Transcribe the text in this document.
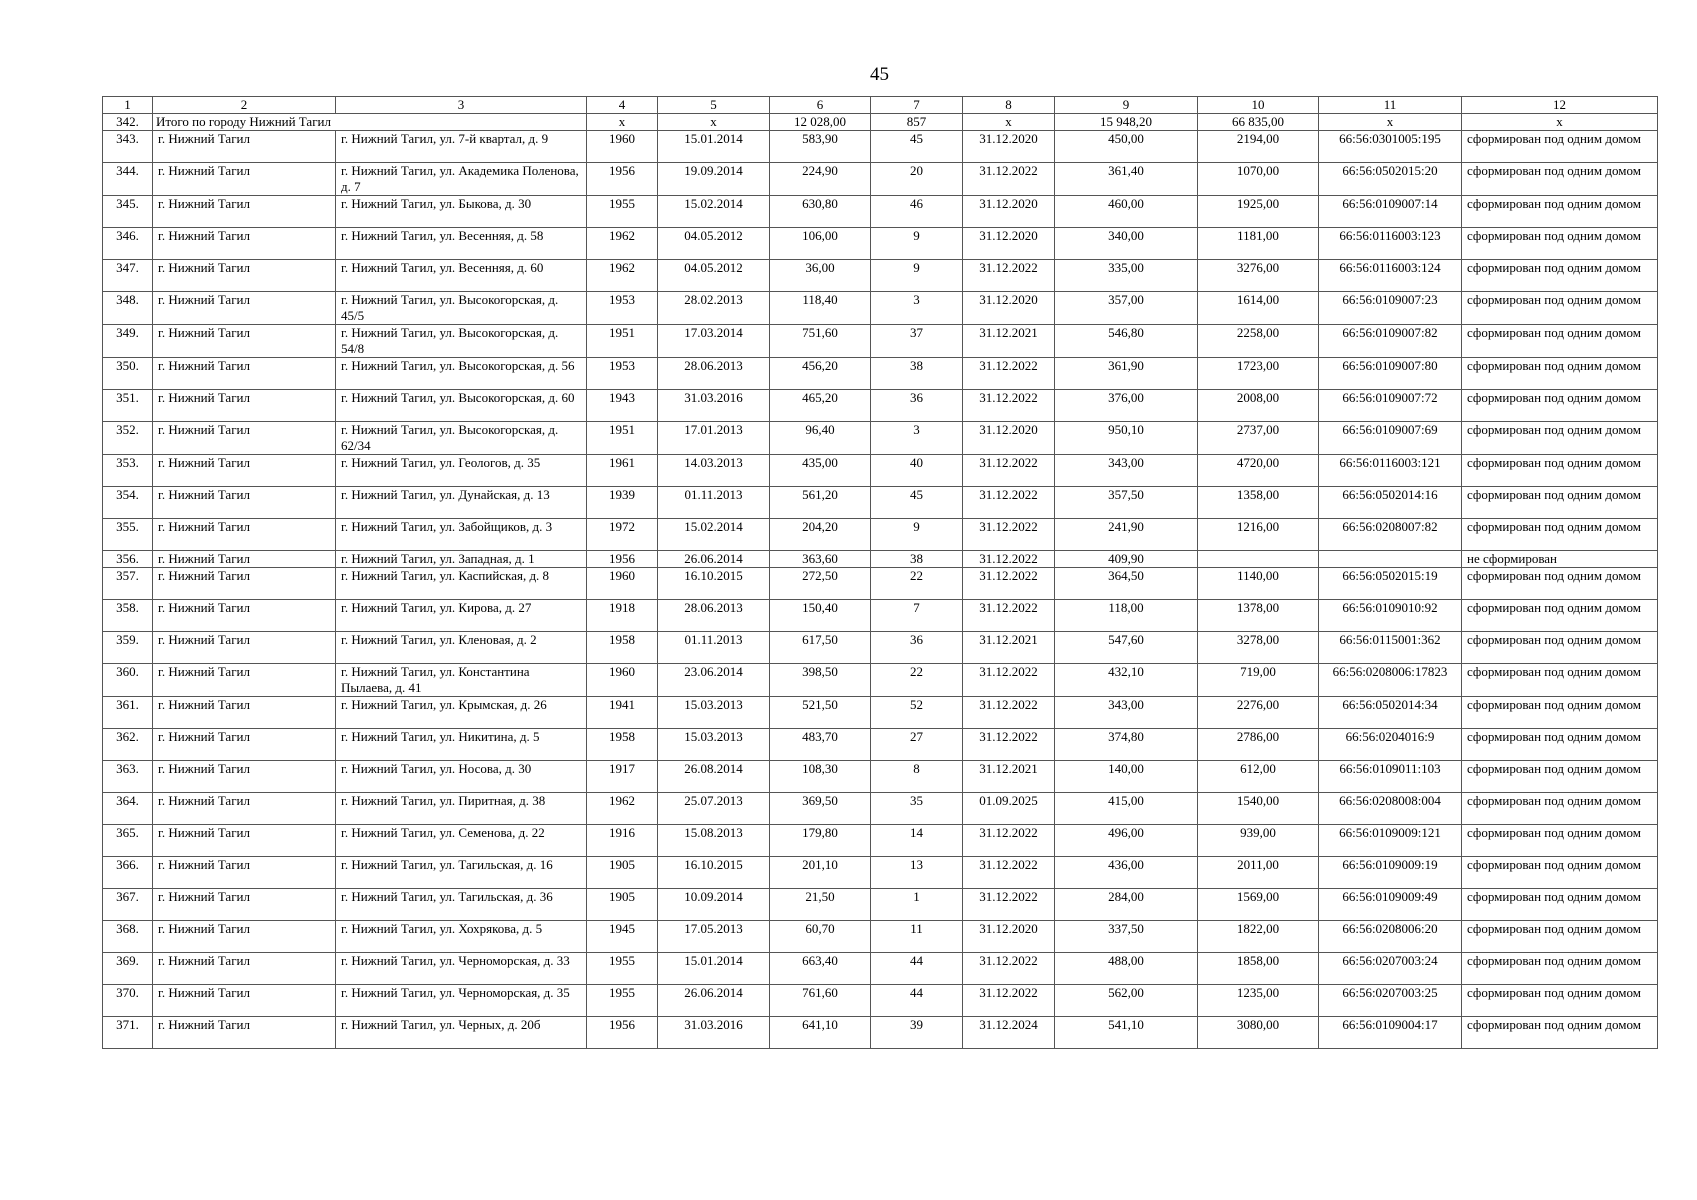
45
1	2	3	4	5	6	7	8	9	10	11	12
342.	Итого по городу Нижний Тагил		x	x	12 028,00	857	x	15 948,20	66 835,00	x	x
343.	г. Нижний Тагил	г. Нижний Тагил, ул. 7-й квартал, д. 9	1960	15.01.2014	583,90	45	31.12.2020	450,00	2194,00	66:56:0301005:195	сформирован под одним домом
344.	г. Нижний Тагил	г. Нижний Тагил, ул. Академика Поленова, д. 7	1956	19.09.2014	224,90	20	31.12.2022	361,40	1070,00	66:56:0502015:20	сформирован под одним домом
345.	г. Нижний Тагил	г. Нижний Тагил, ул. Быкова, д. 30	1955	15.02.2014	630,80	46	31.12.2020	460,00	1925,00	66:56:0109007:14	сформирован под одним домом
346.	г. Нижний Тагил	г. Нижний Тагил, ул. Весенняя, д. 58	1962	04.05.2012	106,00	9	31.12.2020	340,00	1181,00	66:56:0116003:123	сформирован под одним домом
347.	г. Нижний Тагил	г. Нижний Тагил, ул. Весенняя, д. 60	1962	04.05.2012	36,00	9	31.12.2022	335,00	3276,00	66:56:0116003:124	сформирован под одним домом
348.	г. Нижний Тагил	г. Нижний Тагил, ул. Высокогорская, д. 45/5	1953	28.02.2013	118,40	3	31.12.2020	357,00	1614,00	66:56:0109007:23	сформирован под одним домом
349.	г. Нижний Тагил	г. Нижний Тагил, ул. Высокогорская, д. 54/8	1951	17.03.2014	751,60	37	31.12.2021	546,80	2258,00	66:56:0109007:82	сформирован под одним домом
350.	г. Нижний Тагил	г. Нижний Тагил, ул. Высокогорская, д. 56	1953	28.06.2013	456,20	38	31.12.2022	361,90	1723,00	66:56:0109007:80	сформирован под одним домом
351.	г. Нижний Тагил	г. Нижний Тагил, ул. Высокогорская, д. 60	1943	31.03.2016	465,20	36	31.12.2022	376,00	2008,00	66:56:0109007:72	сформирован под одним домом
352.	г. Нижний Тагил	г. Нижний Тагил, ул. Высокогорская, д. 62/34	1951	17.01.2013	96,40	3	31.12.2020	950,10	2737,00	66:56:0109007:69	сформирован под одним домом
353.	г. Нижний Тагил	г. Нижний Тагил, ул. Геологов, д. 35	1961	14.03.2013	435,00	40	31.12.2022	343,00	4720,00	66:56:0116003:121	сформирован под одним домом
354.	г. Нижний Тагил	г. Нижний Тагил, ул. Дунайская, д. 13	1939	01.11.2013	561,20	45	31.12.2022	357,50	1358,00	66:56:0502014:16	сформирован под одним домом
355.	г. Нижний Тагил	г. Нижний Тагил, ул. Забойщиков, д. 3	1972	15.02.2014	204,20	9	31.12.2022	241,90	1216,00	66:56:0208007:82	сформирован под одним домом
356.	г. Нижний Тагил	г. Нижний Тагил, ул. Западная, д. 1	1956	26.06.2014	363,60	38	31.12.2022	409,90			не сформирован
357.	г. Нижний Тагил	г. Нижний Тагил, ул. Каспийская, д. 8	1960	16.10.2015	272,50	22	31.12.2022	364,50	1140,00	66:56:0502015:19	сформирован под одним домом
358.	г. Нижний Тагил	г. Нижний Тагил, ул. Кирова, д. 27	1918	28.06.2013	150,40	7	31.12.2022	118,00	1378,00	66:56:0109010:92	сформирован под одним домом
359.	г. Нижний Тагил	г. Нижний Тагил, ул. Кленовая, д. 2	1958	01.11.2013	617,50	36	31.12.2021	547,60	3278,00	66:56:0115001:362	сформирован под одним домом
360.	г. Нижний Тагил	г. Нижний Тагил, ул. Константина Пылаева, д. 41	1960	23.06.2014	398,50	22	31.12.2022	432,10	719,00	66:56:0208006:17823	сформирован под одним домом
361.	г. Нижний Тагил	г. Нижний Тагил, ул. Крымская, д. 26	1941	15.03.2013	521,50	52	31.12.2022	343,00	2276,00	66:56:0502014:34	сформирован под одним домом
362.	г. Нижний Тагил	г. Нижний Тагил, ул. Никитина, д. 5	1958	15.03.2013	483,70	27	31.12.2022	374,80	2786,00	66:56:0204016:9	сформирован под одним домом
363.	г. Нижний Тагил	г. Нижний Тагил, ул. Носова, д. 30	1917	26.08.2014	108,30	8	31.12.2021	140,00	612,00	66:56:0109011:103	сформирован под одним домом
364.	г. Нижний Тагил	г. Нижний Тагил, ул. Пиритная, д. 38	1962	25.07.2013	369,50	35	01.09.2025	415,00	1540,00	66:56:0208008:004	сформирован под одним домом
365.	г. Нижний Тагил	г. Нижний Тагил, ул. Семенова, д. 22	1916	15.08.2013	179,80	14	31.12.2022	496,00	939,00	66:56:0109009:121	сформирован под одним домом
366.	г. Нижний Тагил	г. Нижний Тагил, ул. Тагильская, д. 16	1905	16.10.2015	201,10	13	31.12.2022	436,00	2011,00	66:56:0109009:19	сформирован под одним домом
367.	г. Нижний Тагил	г. Нижний Тагил, ул. Тагильская, д. 36	1905	10.09.2014	21,50	1	31.12.2022	284,00	1569,00	66:56:0109009:49	сформирован под одним домом
368.	г. Нижний Тагил	г. Нижний Тагил, ул. Хохрякова, д. 5	1945	17.05.2013	60,70	11	31.12.2020	337,50	1822,00	66:56:0208006:20	сформирован под одним домом
369.	г. Нижний Тагил	г. Нижний Тагил, ул. Черноморская, д. 33	1955	15.01.2014	663,40	44	31.12.2022	488,00	1858,00	66:56:0207003:24	сформирован под одним домом
370.	г. Нижний Тагил	г. Нижний Тагил, ул. Черноморская, д. 35	1955	26.06.2014	761,60	44	31.12.2022	562,00	1235,00	66:56:0207003:25	сформирован под одним домом
371.	г. Нижний Тагил	г. Нижний Тагил, ул. Черных, д. 20б	1956	31.03.2016	641,10	39	31.12.2024	541,10	3080,00	66:56:0109004:17	сформирован под одним домом
